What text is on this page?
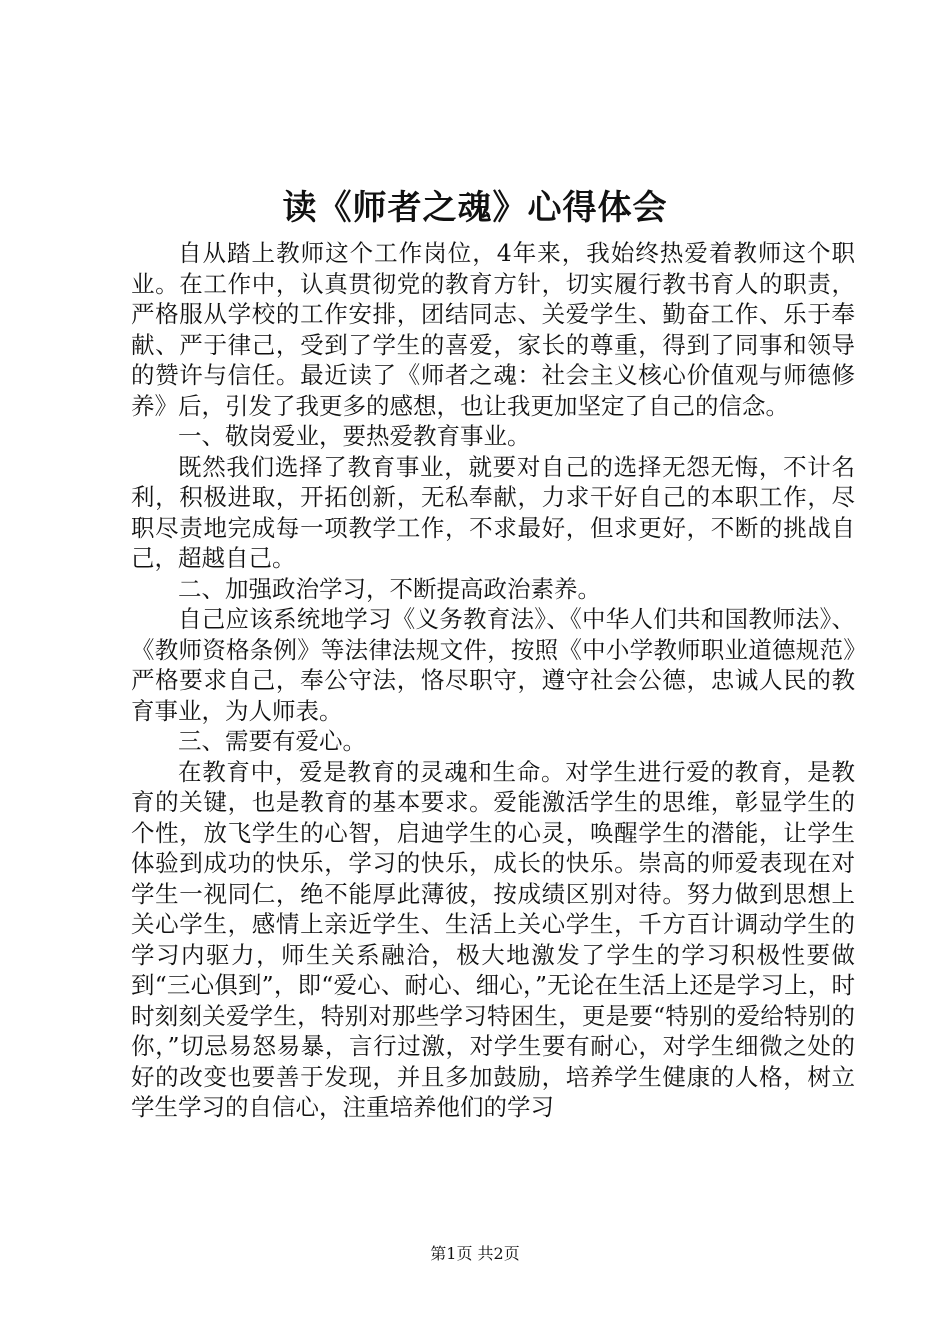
读《师者之魂》心得体会

自从踏上教师这个工作岗位，4年来，我始终热爱着教师这个职业。在工作中，认真贯彻党的教育方针，切实履行教书育人的职责，严格服从学校的工作安排，团结同志、关爱学生、勤奋工作、乐于奉献、严于律己，受到了学生的喜爱，家长的尊重，得到了同事和领导的赞许与信任。最近读了《师者之魂：社会主义核心价值观与师德修养》后，引发了我更多的感想，也让我更加坚定了自己的信念。

一、敬岗爱业，要热爱教育事业。

既然我们选择了教育事业，就要对自己的选择无怨无悔，不计名利，积极进取，开拓创新，无私奉献，力求干好自己的本职工作，尽职尽责地完成每一项教学工作，不求最好，但求更好，不断的挑战自己，超越自己。

二、加强政治学习，不断提高政治素养。

自己应该系统地学习《义务教育法》、《中华人们共和国教师法》、《教师资格条例》等法律法规文件，按照《中小学教师职业道德规范》严格要求自己，奉公守法，恪尽职守，遵守社会公德，忠诚人民的教育事业，为人师表。

三、需要有爱心。

在教育中，爱是教育的灵魂和生命。对学生进行爱的教育，是教育的关键，也是教育的基本要求。爱能激活学生的思维，彰显学生的个性，放飞学生的心智，启迪学生的心灵，唤醒学生的潜能，让学生体验到成功的快乐，学习的快乐，成长的快乐。崇高的师爱表现在对学生一视同仁，绝不能厚此薄彼，按成绩区别对待。努力做到思想上关心学生，感情上亲近学生、生活上关心学生，千方百计调动学生的学习内驱力，师生关系融洽，极大地激发了学生的学习积极性要做到“三心俱到”，即“爱心、耐心、细心，”无论在生活上还是学习上，时时刻刻关爱学生，特别对那些学习特困生，更是要“特别的爱给特别的你，”切忌易怒易暴，言行过激，对学生要有耐心，对学生细微之处的好的改变也要善于发现，并且多加鼓励，培养学生健康的人格，树立学生学习的自信心，注重培养他们的学习

第1页 共2页
